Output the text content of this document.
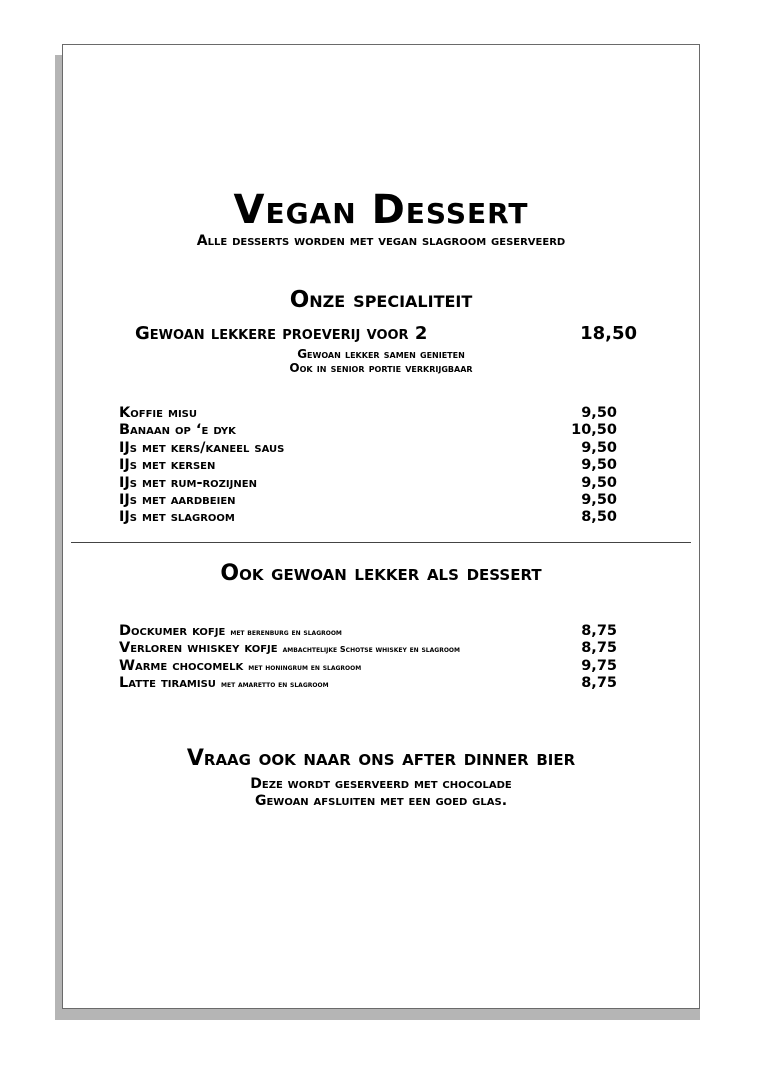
Vegan Dessert
Alle desserts worden met vegan slagroom geserveerd
Onze specialiteit
Gewoan lekkere proeverij voor 2	18,50
Gewoan lekker samen genieten
Ook in senior portie verkrijgbaar
Koffie misu	9,50
Banaan op ‘e dyk	10,50
IJs met kers/kaneel saus	9,50
IJs met kersen	9,50
IJs met rum-rozijnen	9,50
IJs met aardbeien	9,50
IJs met slagroom	8,50
Ook gewoan lekker als dessert
Dockumer kofje met berenburg en slagroom	8,75
Verloren whiskey kofje ambachtelijke Schotse whiskey en slagroom	8,75
Warme chocomelk met honingrum en slagroom	9,75
Latte tiramisu met amaretto en slagroom	8,75
Vraag ook naar ons after dinner bier
Deze wordt geserveerd met chocolade
Gewoan afsluiten met een goed glas.
